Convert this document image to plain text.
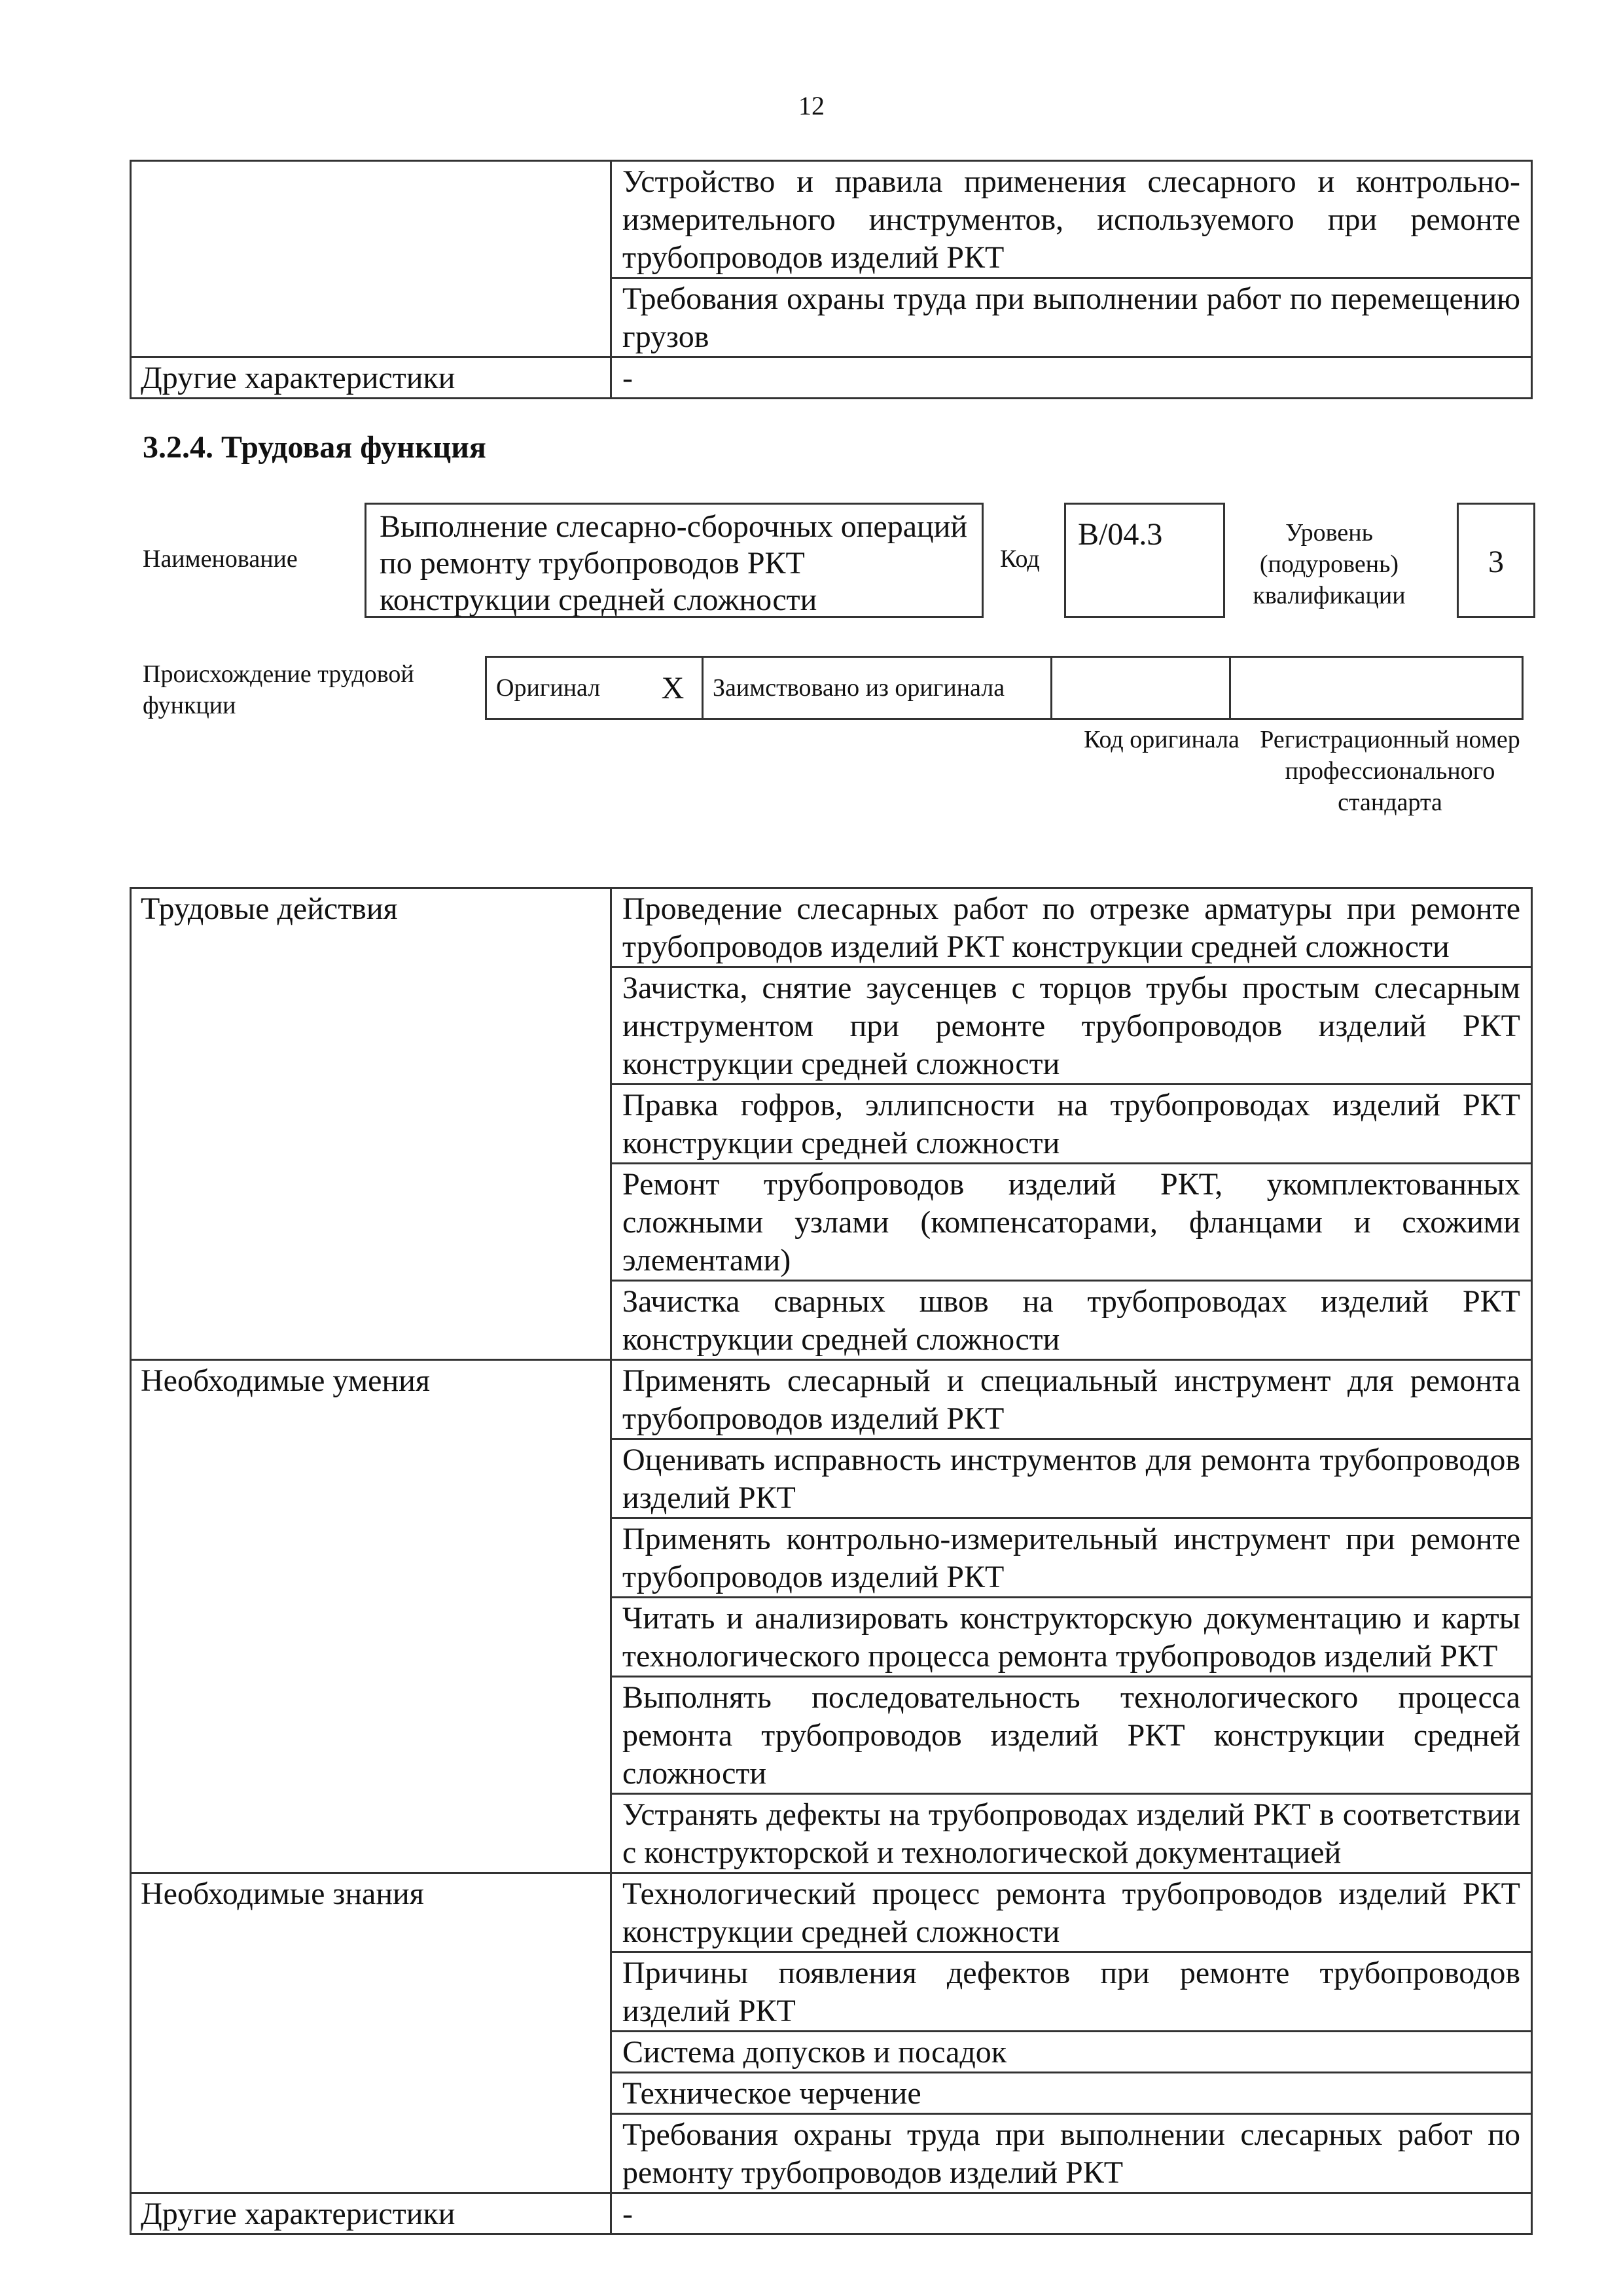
12
	Устройство и правила применения слесарного и контрольно-измерительного инструментов, используемого при ремонте трубопроводов изделий РКТ
	Требования охраны труда при выполнении работ по перемещению грузов
Другие характеристики	-
3.2.4. Трудовая функция
Наименование
Выполнение слесарно-сборочных операций по ремонту трубопроводов РКТ конструкции средней сложности
Код
B/04.3	Уровень (подуровень) квалификации
3
Происхождение трудовой функции
Оригинал	X	Заимствовано из оригинала		
Код оригинала Регистрационный номер профессионального стандарта
Трудовые действия	Проведение слесарных работ по отрезке арматуры при ремонте трубопроводов изделий РКТ конструкции средней сложности
	Зачистка, снятие заусенцев с торцов трубы простым слесарным инструментом при ремонте трубопроводов изделий РКТ конструкции средней сложности
	Правка гофров, эллипсности на трубопроводах изделий РКТ конструкции средней сложности
	Ремонт трубопроводов изделий РКТ, укомплектованных сложными узлами (компенсаторами, фланцами и схожими элементами)
	Зачистка сварных швов на трубопроводах изделий РКТ конструкции средней сложности
Необходимые умения	Применять слесарный и специальный инструмент для ремонта трубопроводов изделий РКТ
	Оценивать исправность инструментов для ремонта трубопроводов изделий РКТ
	Применять контрольно-измерительный инструмент при ремонте трубопроводов изделий РКТ
	Читать и анализировать конструкторскую документацию и карты технологического процесса ремонта трубопроводов изделий РКТ
	Выполнять последовательность технологического процесса ремонта трубопроводов изделий РКТ конструкции средней сложности
	Устранять дефекты на трубопроводах изделий РКТ в соответствии с конструкторской и технологической документацией
Необходимые знания	Технологический процесс ремонта трубопроводов изделий РКТ конструкции средней сложности
	Причины появления дефектов при ремонте трубопроводов изделий РКТ
	Система допусков и посадок
	Техническое черчение
	Требования охраны труда при выполнении слесарных работ по ремонту трубопроводов изделий РКТ
Другие характеристики	-
